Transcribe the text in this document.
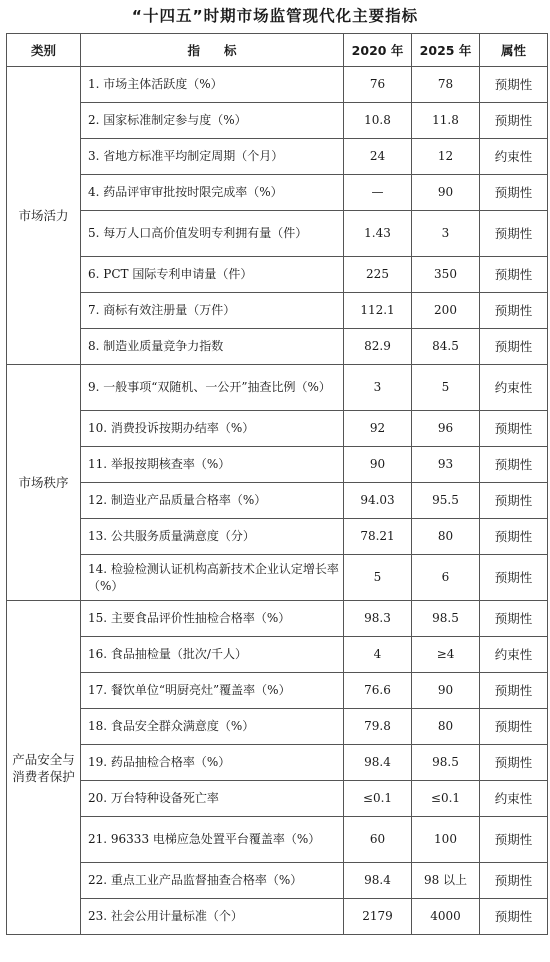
“十四五”时期市场监管现代化主要指标
类别	指标	2020 年	2025 年	属性
市场活力	1. 市场主体活跃度（%）	76	78	预期性
	2. 国家标准制定参与度（%）	10.8	11.8	预期性
	3. 省地方标准平均制定周期（个月）	24	12	约束性
	4. 药品评审审批按时限完成率（%）	—	90	预期性
	5. 每万人口高价值发明专利拥有量（件）	1.43	3	预期性
	6. PCT 国际专利申请量（件）	225	350	预期性
	7. 商标有效注册量（万件）	112.1	200	预期性
	8. 制造业质量竞争力指数	82.9	84.5	预期性
市场秩序	9. 一般事项“双随机、一公开”抽查比例（%）	3	5	约束性
	10. 消费投诉按期办结率（%）	92	96	预期性
	11. 举报按期核查率（%）	90	93	预期性
	12. 制造业产品质量合格率（%）	94.03	95.5	预期性
	13. 公共服务质量满意度（分）	78.21	80	预期性
	14. 检验检测认证机构高新技术企业认定增长率（%）	5	6	预期性
产品安全与消费者保护	15. 主要食品评价性抽检合格率（%）	98.3	98.5	预期性
	16. 食品抽检量（批次/千人）	4	≥4	约束性
	17. 餐饮单位“明厨亮灶”覆盖率（%）	76.6	90	预期性
	18. 食品安全群众满意度（%）	79.8	80	预期性
	19. 药品抽检合格率（%）	98.4	98.5	预期性
	20. 万台特种设备死亡率	≤0.1	≤0.1	约束性
	21. 96333 电梯应急处置平台覆盖率（%）	60	100	预期性
	22. 重点工业产品监督抽查合格率（%）	98.4	98 以上	预期性
	23. 社会公用计量标准（个）	2179	4000	预期性
